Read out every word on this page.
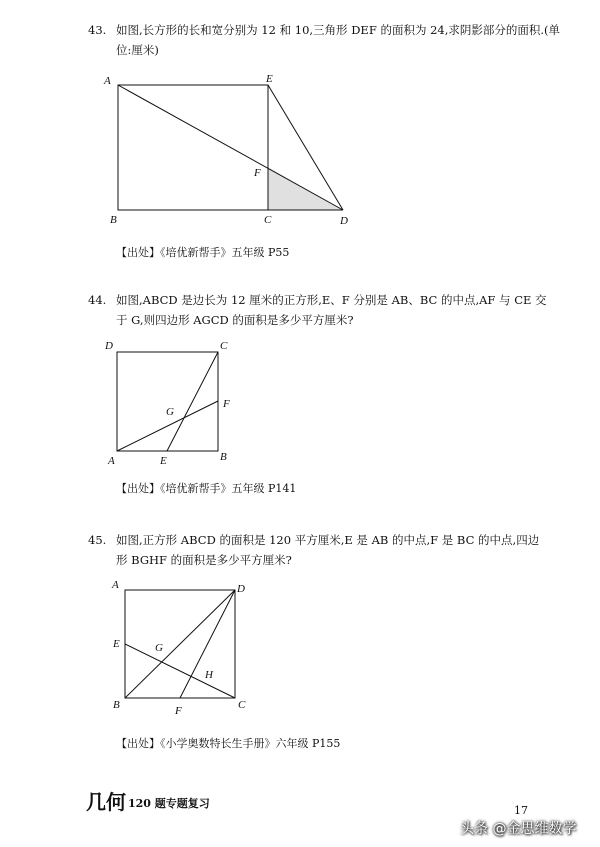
43. 如图,长方形的长和宽分别为 12 和 10,三角形 DEF 的面积为 24,求阴影部分的面积.(单
位:厘米)
A	E
F
B	C	D
【出处】《培优新帮手》五年级 P55
44. 如图,ABCD 是边长为 12 厘米的正方形,E、F 分别是 AB、BC 的中点,AF 与 CE 交
于 G,则四边形 AGCD 的面积是多少平方厘米?
D	C
F
G
A	E	B
【出处】《培优新帮手》五年级 P141
45. 如图,正方形 ABCD 的面积是 120 平方厘米,E 是 AB 的中点,F 是 BC 的中点,四边
形 BGHF 的面积是多少平方厘米?
A	D
E	G
H
B	F	C
【出处】《小学奥数特长生手册》六年级 P155
几何 120 题专题复习
17
头条 @金思维数学
